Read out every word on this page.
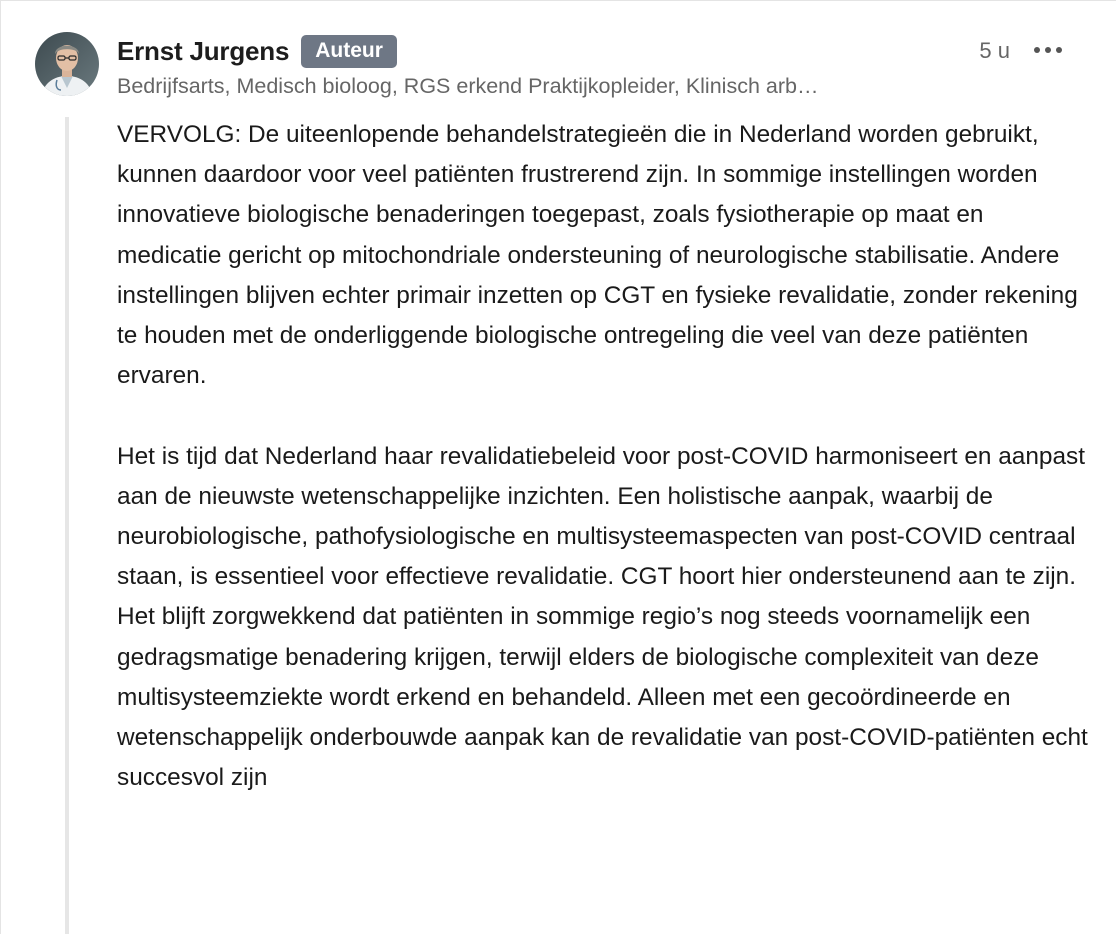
Ernst Jurgens	Auteur
Bedrijfsarts, Medisch bioloog, RGS erkend Praktijkopleider, Klinisch arb…
5 u

VERVOLG: De uiteenlopende behandelstrategieën die in Nederland worden gebruikt, kunnen daardoor voor veel patiënten frustrerend zijn. In sommige instellingen worden innovatieve biologische benaderingen toegepast, zoals fysiotherapie op maat en medicatie gericht op mitochondriale ondersteuning of neurologische stabilisatie. Andere instellingen blijven echter primair inzetten op CGT en fysieke revalidatie, zonder rekening te houden met de onderliggende biologische ontregeling die veel van deze patiënten ervaren.

Het is tijd dat Nederland haar revalidatiebeleid voor post-COVID harmoniseert en aanpast aan de nieuwste wetenschappelijke inzichten. Een holistische aanpak, waarbij de neurobiologische, pathofysiologische en multisysteemaspecten van post-COVID centraal staan, is essentieel voor effectieve revalidatie. CGT hoort hier ondersteunend aan te zijn. Het blijft zorgwekkend dat patiënten in sommige regio’s nog steeds voornamelijk een gedragsmatige benadering krijgen, terwijl elders de biologische complexiteit van deze multisysteemziekte wordt erkend en behandeld. Alleen met een gecoördineerde en wetenschappelijk onderbouwde aanpak kan de revalidatie van post-COVID-patiënten echt succesvol zijn
